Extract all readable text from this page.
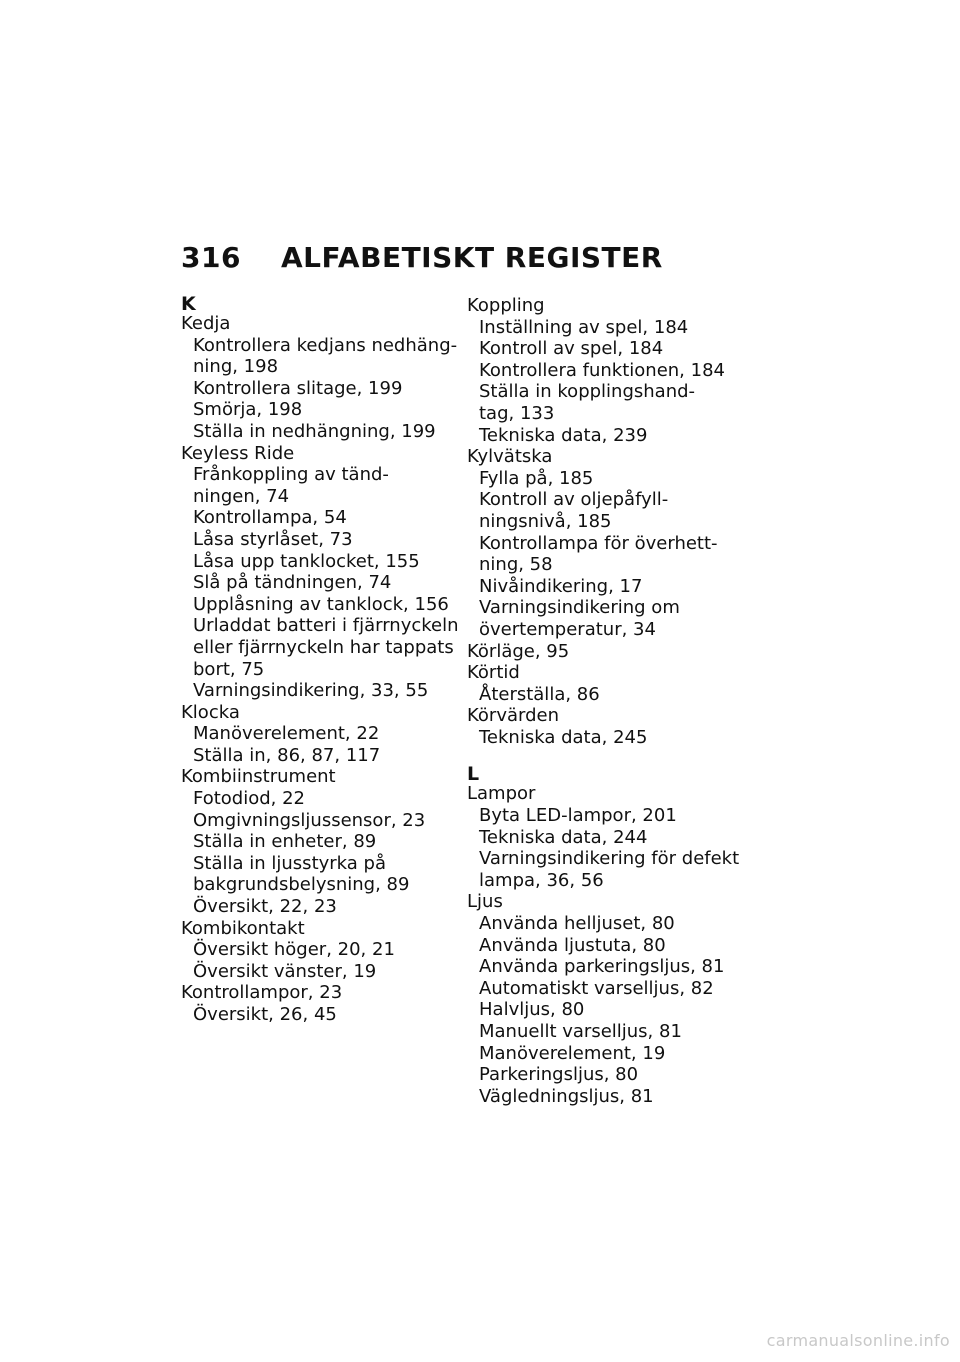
316 ALFABETISKT REGISTER
K
Kedja
Kontrollera kedjans nedhäng-
ning, 198
Kontrollera slitage, 199
Smörja, 198
Ställa in nedhängning, 199
Keyless Ride
Frånkoppling av tänd-
ningen, 74
Kontrollampa, 54
Låsa styrlåset, 73
Låsa upp tanklocket, 155
Slå på tändningen, 74
Upplåsning av tanklock, 156
Urladdat batteri i fjärrnyckeln
eller fjärrnyckeln har tappats
bort, 75
Varningsindikering, 33, 55
Klocka
Manöverelement, 22
Ställa in, 86, 87, 117
Kombiinstrument
Fotodiod, 22
Omgivningsljussensor, 23
Ställa in enheter, 89
Ställa in ljusstyrka på
bakgrundsbelysning, 89
Översikt, 22, 23
Kombikontakt
Översikt höger, 20, 21
Översikt vänster, 19
Kontrollampor, 23
Översikt, 26, 45
Koppling
Inställning av spel, 184
Kontroll av spel, 184
Kontrollera funktionen, 184
Ställa in kopplingshand-
tag, 133
Tekniska data, 239
Kylvätska
Fylla på, 185
Kontroll av oljepåfyll-
ningsnivå, 185
Kontrollampa för överhett-
ning, 58
Nivåindikering, 17
Varningsindikering om
övertemperatur, 34
Körläge, 95
Körtid
Återställa, 86
Körvärden
Tekniska data, 245
L
Lampor
Byta LED-lampor, 201
Tekniska data, 244
Varningsindikering för defekt
lampa, 36, 56
Ljus
Använda helljuset, 80
Använda ljustuta, 80
Använda parkeringsljus, 81
Automatiskt varselljus, 82
Halvljus, 80
Manuellt varselljus, 81
Manöverelement, 19
Parkeringsljus, 80
Vägledningsljus, 81
carmanualsonline.info
